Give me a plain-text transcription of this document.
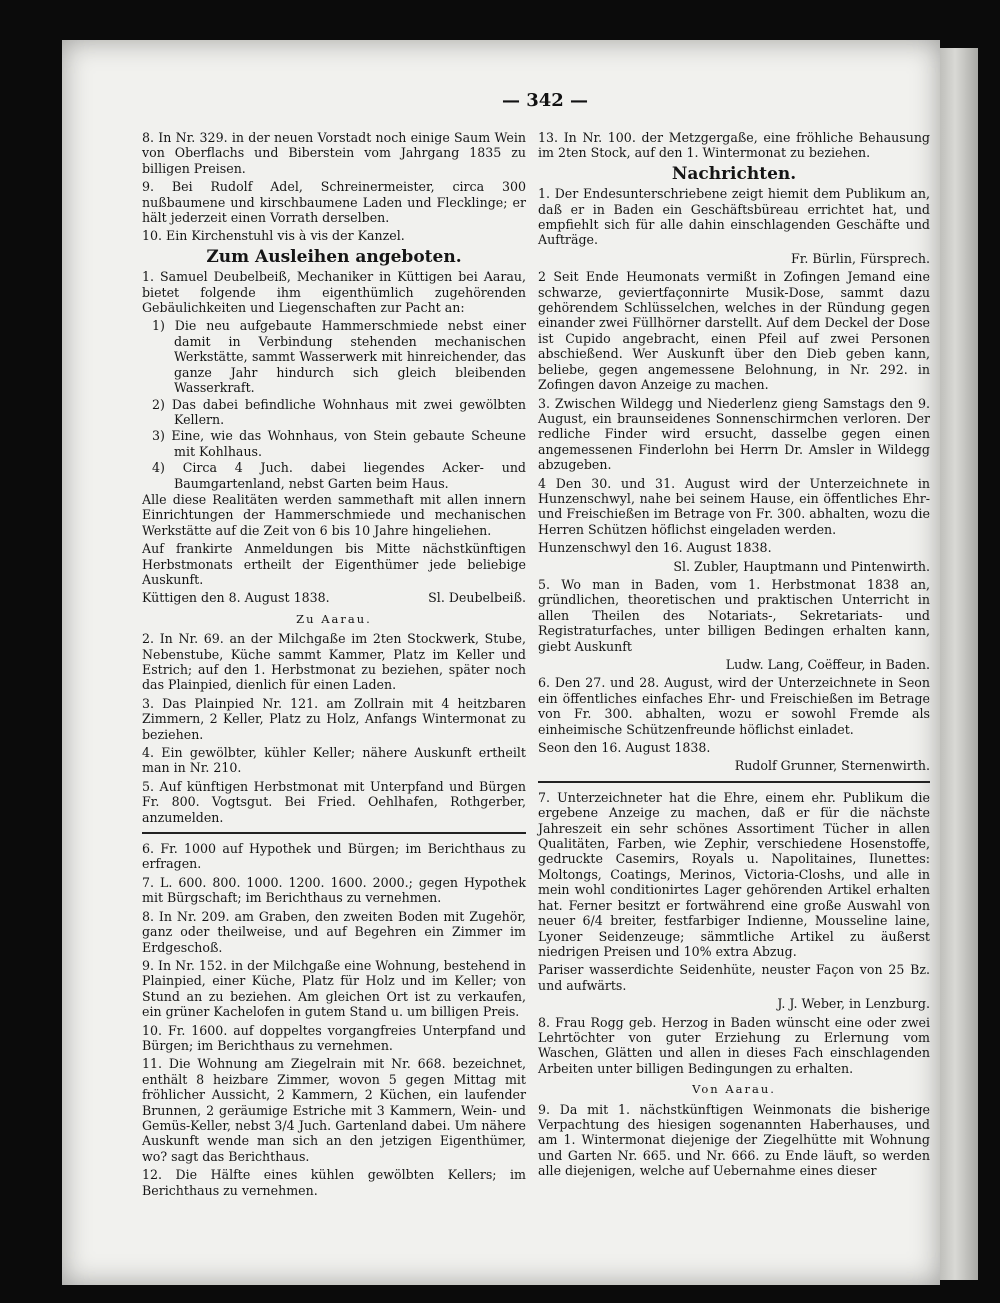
— 342 —

8. In Nr. 329. in der neuen Vorstadt noch einige Saum Wein von Oberflachs und Biberstein vom Jahrgang 1835 zu billigen Preisen.

9. Bei Rudolf Adel, Schreinermeister, circa 300 nußbaumene und kirschbaumene Laden und Flecklinge; er hält jederzeit einen Vorrath derselben.

10. Ein Kirchenstuhl vis à vis der Kanzel.

Zum Ausleihen angeboten.

1. Samuel Deubelbeiß, Mechaniker in Küttigen bei Aarau, bietet folgende ihm eigenthümlich zugehörenden Gebäulichkeiten und Liegenschaften zur Pacht an:

1) Die neu aufgebaute Hammerschmiede nebst einer damit in Verbindung stehenden mechanischen Werkstätte, sammt Wasserwerk mit hinreichender, das ganze Jahr hindurch sich gleich bleibenden Wasserkraft.

2) Das dabei befindliche Wohnhaus mit zwei gewölbten Kellern.

3) Eine, wie das Wohnhaus, von Stein gebaute Scheune mit Kohlhaus.

4) Circa 4 Juch. dabei liegendes Acker- und Baumgartenland, nebst Garten beim Haus.

Alle diese Realitäten werden sammethaft mit allen innern Einrichtungen der Hammerschmiede und mechanischen Werkstätte auf die Zeit von 6 bis 10 Jahre hingeliehen.

Auf frankirte Anmeldungen bis Mitte nächstkünftigen Herbstmonats ertheilt der Eigenthümer jede beliebige Auskunft.

Küttigen den 8. August 1838.	Sl. Deubelbeiß.
Zu Aarau.

2. In Nr. 69. an der Milchgaße im 2ten Stockwerk, Stube, Nebenstube, Küche sammt Kammer, Platz im Keller und Estrich; auf den 1. Herbstmonat zu beziehen, später noch das Plainpied, dienlich für einen Laden.

3. Das Plainpied Nr. 121. am Zollrain mit 4 heitzbaren Zimmern, 2 Keller, Platz zu Holz, Anfangs Wintermonat zu beziehen.

4. Ein gewölbter, kühler Keller; nähere Auskunft ertheilt man in Nr. 210.

5. Auf künftigen Herbstmonat mit Unterpfand und Bürgen Fr. 800. Vogtsgut. Bei Fried. Oehlhafen, Rothgerber, anzumelden.

6. Fr. 1000 auf Hypothek und Bürgen; im Berichthaus zu erfragen.

7. L. 600. 800. 1000. 1200. 1600. 2000.; gegen Hypothek mit Bürgschaft; im Berichthaus zu vernehmen.

8. In Nr. 209. am Graben, den zweiten Boden mit Zugehör, ganz oder theilweise, und auf Begehren ein Zimmer im Erdgeschoß.

9. In Nr. 152. in der Milchgaße eine Wohnung, bestehend in Plainpied, einer Küche, Platz für Holz und im Keller; von Stund an zu beziehen. Am gleichen Ort ist zu verkaufen, ein grüner Kachelofen in gutem Stand u. um billigen Preis.

10. Fr. 1600. auf doppeltes vorgangfreies Unterpfand und Bürgen; im Berichthaus zu vernehmen.

11. Die Wohnung am Ziegelrain mit Nr. 668. bezeichnet, enthält 8 heizbare Zimmer, wovon 5 gegen Mittag mit fröhlicher Aussicht, 2 Kammern, 2 Küchen, ein laufender Brunnen, 2 geräumige Estriche mit 3 Kammern, Wein- und Gemüs-Keller, nebst 3/4 Juch. Gartenland dabei. Um nähere Auskunft wende man sich an den jetzigen Eigenthümer, wo? sagt das Berichthaus.

12. Die Hälfte eines kühlen gewölbten Kellers; im Berichthaus zu vernehmen.

13. In Nr. 100. der Metzgergaße, eine fröhliche Behausung im 2ten Stock, auf den 1. Wintermonat zu beziehen.

Nachrichten.

1. Der Endesunterschriebene zeigt hiemit dem Publikum an, daß er in Baden ein Geschäftsbüreau errichtet hat, und empfiehlt sich für alle dahin einschlagenden Geschäfte und Aufträge.

Fr. Bürlin, Fürsprech.

2 Seit Ende Heumonats vermißt in Zofingen Jemand eine schwarze, geviertfaçonnirte Musik-Dose, sammt dazu gehörendem Schlüsselchen, welches in der Ründung gegen einander zwei Füllhörner darstellt. Auf dem Deckel der Dose ist Cupido angebracht, einen Pfeil auf zwei Personen abschießend. Wer Auskunft über den Dieb geben kann, beliebe, gegen angemessene Belohnung, in Nr. 292. in Zofingen davon Anzeige zu machen.

3. Zwischen Wildegg und Niederlenz gieng Samstags den 9. August, ein braunseidenes Sonnenschirmchen verloren. Der redliche Finder wird ersucht, dasselbe gegen einen angemessenen Finderlohn bei Herrn Dr. Amsler in Wildegg abzugeben.

4 Den 30. und 31. August wird der Unterzeichnete in Hunzenschwyl, nahe bei seinem Hause, ein öffentliches Ehr- und Freischießen im Betrage von Fr. 300. abhalten, wozu die Herren Schützen höflichst eingeladen werden.

Hunzenschwyl den 16. August 1838.

Sl. Zubler, Hauptmann und Pintenwirth.

5. Wo man in Baden, vom 1. Herbstmonat 1838 an, gründlichen, theoretischen und praktischen Unterricht in allen Theilen des Notariats-, Sekretariats- und Registraturfaches, unter billigen Bedingen erhalten kann, giebt Auskunft

Ludw. Lang, Coëffeur, in Baden.

6. Den 27. und 28. August, wird der Unterzeichnete in Seon ein öffentliches einfaches Ehr- und Freischießen im Betrage von Fr. 300. abhalten, wozu er sowohl Fremde als einheimische Schützenfreunde höflichst einladet.

Seon den 16. August 1838.

Rudolf Grunner, Sternenwirth.

7. Unterzeichneter hat die Ehre, einem ehr. Publikum die ergebene Anzeige zu machen, daß er für die nächste Jahreszeit ein sehr schönes Assortiment Tücher in allen Qualitäten, Farben, wie Zephir, verschiedene Hosenstoffe, gedruckte Casemirs, Royals u. Napolitaines, Ilunettes: Moltongs, Coatings, Merinos, Victoria-Closhs, und alle in mein wohl conditionirtes Lager gehörenden Artikel erhalten hat. Ferner besitzt er fortwährend eine große Auswahl von neuer 6/4 breiter, festfarbiger Indienne, Mousseline laine, Lyoner Seidenzeuge; sämmtliche Artikel zu äußerst niedrigen Preisen und 10% extra Abzug.

Pariser wasserdichte Seidenhüte, neuster Façon von 25 Bz. und aufwärts.

J. J. Weber, in Lenzburg.

8. Frau Rogg geb. Herzog in Baden wünscht eine oder zwei Lehrtöchter von guter Erziehung zu Erlernung vom Waschen, Glätten und allen in dieses Fach einschlagenden Arbeiten unter billigen Bedingungen zu erhalten.

Von Aarau.

9. Da mit 1. nächstkünftigen Weinmonats die bisherige Verpachtung des hiesigen sogenannten Haberhauses, und am 1. Wintermonat diejenige der Ziegelhütte mit Wohnung und Garten Nr. 665. und Nr. 666. zu Ende läuft, so werden alle diejenigen, welche auf Uebernahme eines dieser
